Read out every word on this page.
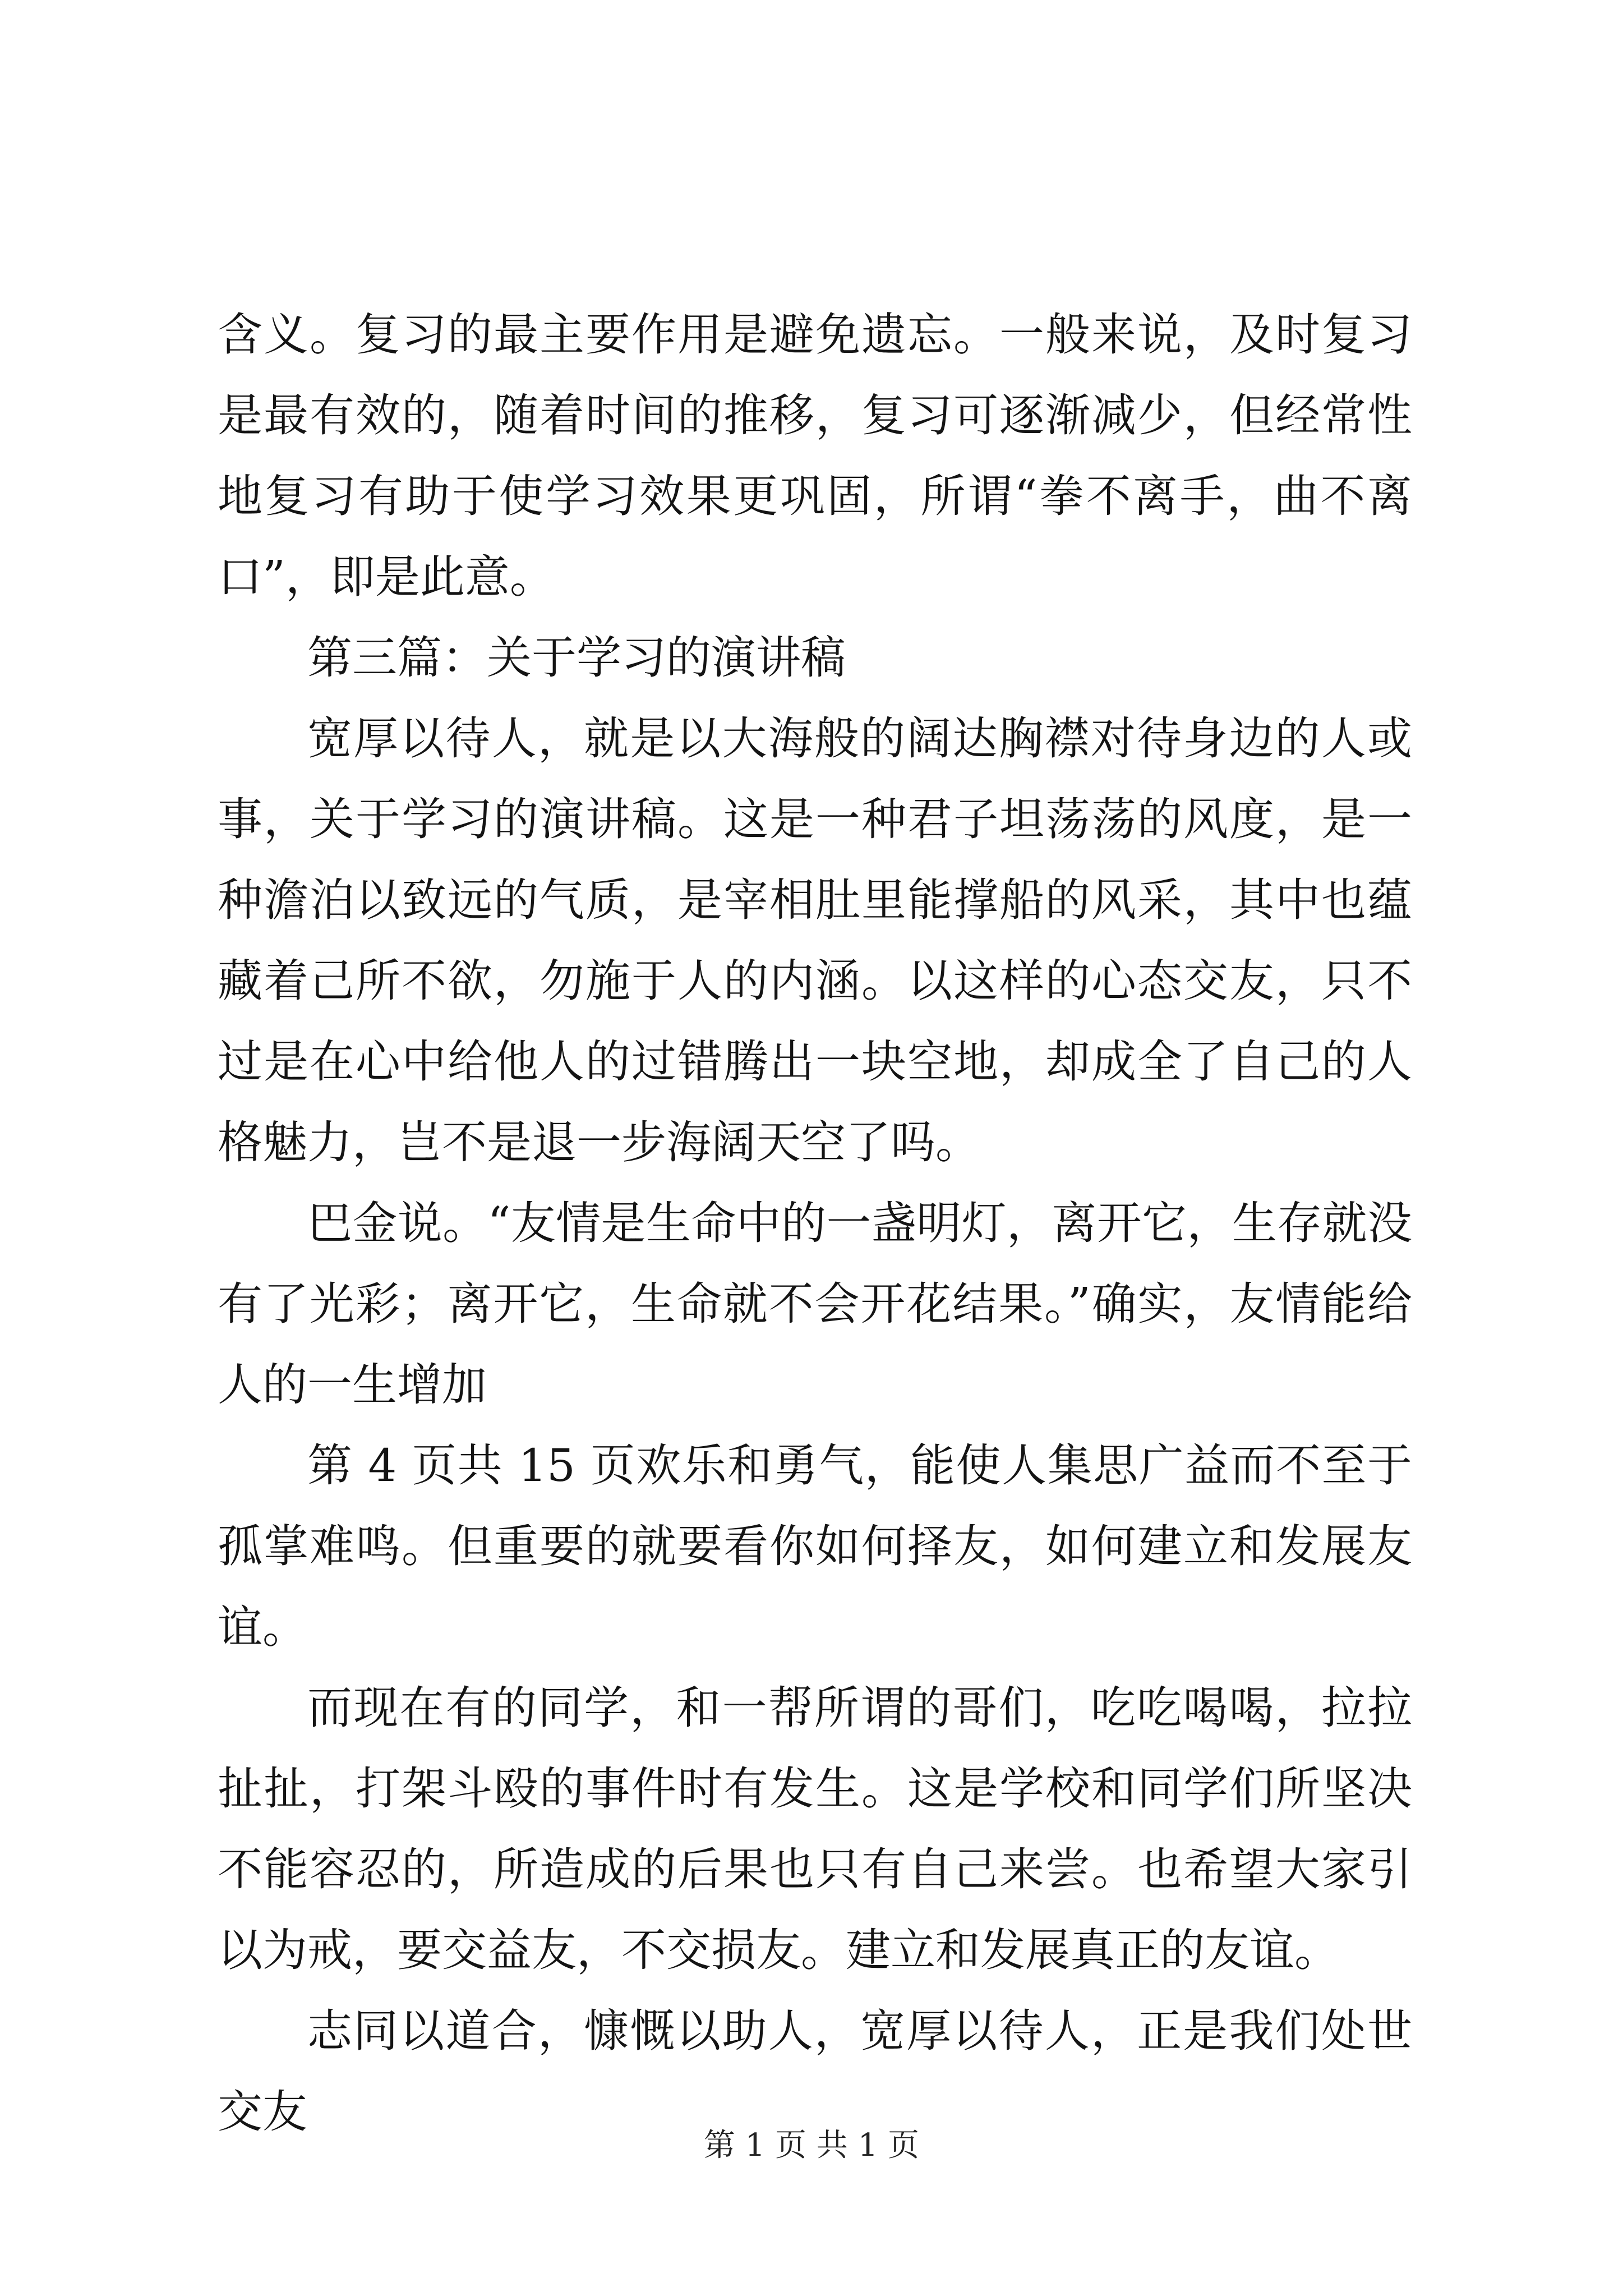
含义。复习的最主要作用是避免遗忘。一般来说，及时复习是最有效的，随着时间的推移，复习可逐渐减少，但经常性地复习有助于使学习效果更巩固，所谓“拳不离手，曲不离口”，即是此意。

第三篇：关于学习的演讲稿

宽厚以待人，就是以大海般的阔达胸襟对待身边的人或事，关于学习的演讲稿。这是一种君子坦荡荡的风度，是一种澹泊以致远的气质，是宰相肚里能撑船的风采，其中也蕴藏着己所不欲，勿施于人的内涵。以这样的心态交友，只不过是在心中给他人的过错腾出一块空地，却成全了自己的人格魅力，岂不是退一步海阔天空了吗。

巴金说。“友情是生命中的一盏明灯，离开它，生存就没有了光彩；离开它，生命就不会开花结果。”确实，友情能给人的一生增加

第 4 页共 15 页欢乐和勇气，能使人集思广益而不至于孤掌难鸣。但重要的就要看你如何择友，如何建立和发展友谊。

而现在有的同学，和一帮所谓的哥们，吃吃喝喝，拉拉扯扯，打架斗殴的事件时有发生。这是学校和同学们所坚决不能容忍的，所造成的后果也只有自己来尝。也希望大家引以为戒，要交益友，不交损友。建立和发展真正的友谊。

志同以道合，慷慨以助人，宽厚以待人，正是我们处世交友

第 1 页 共 1 页
